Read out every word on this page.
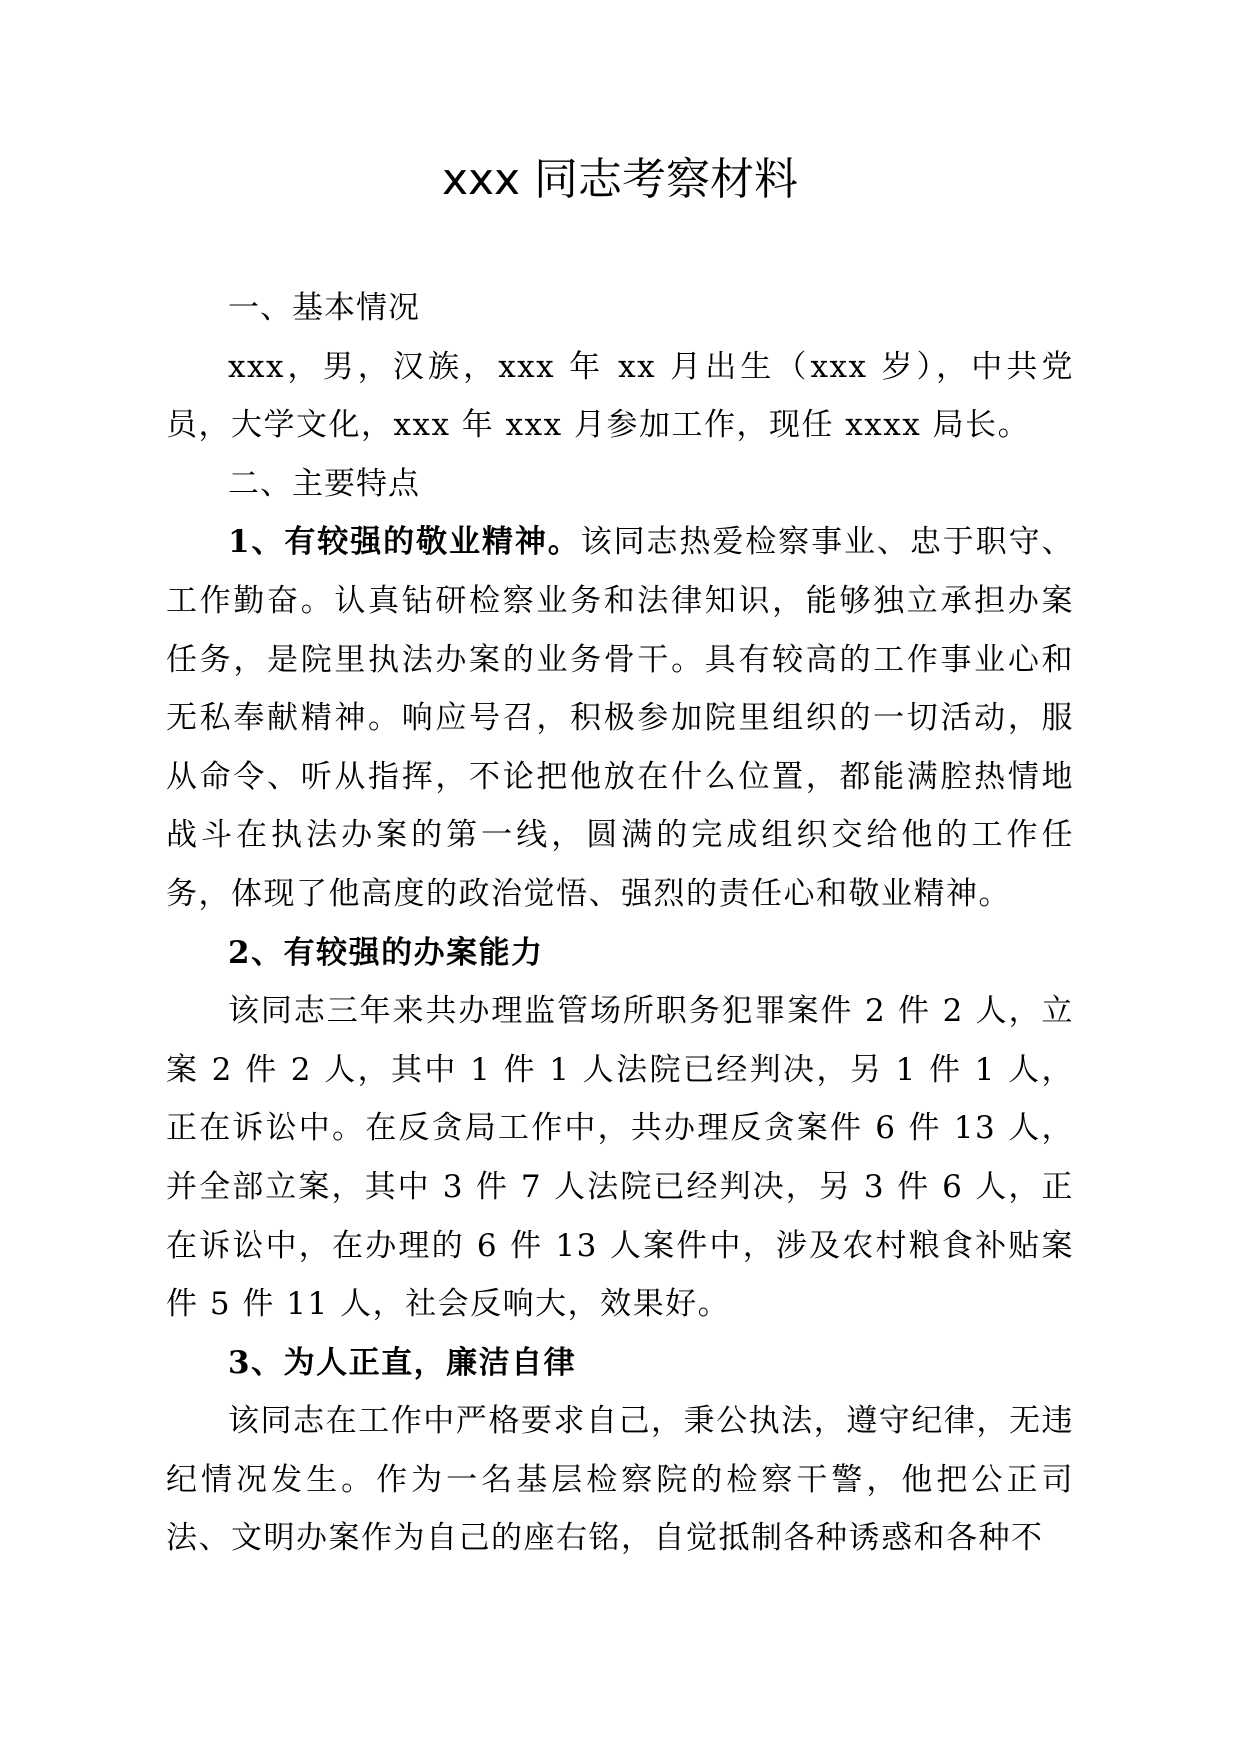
xxx 同志考察材料

一、基本情况

xxx，男，汉族，xxx 年 xx 月出生（xxx 岁），中共党员，大学文化，xxx 年 xxx 月参加工作，现任 xxxx 局长。

二、主要特点

1、有较强的敬业精神。该同志热爱检察事业、忠于职守、工作勤奋。认真钻研检察业务和法律知识，能够独立承担办案任务，是院里执法办案的业务骨干。具有较高的工作事业心和无私奉献精神。响应号召，积极参加院里组织的一切活动，服从命令、听从指挥，不论把他放在什么位置，都能满腔热情地战斗在执法办案的第一线，圆满的完成组织交给他的工作任务，体现了他高度的政治觉悟、强烈的责任心和敬业精神。

2、有较强的办案能力

该同志三年来共办理监管场所职务犯罪案件 2 件 2 人，立案 2 件 2 人，其中 1 件 1 人法院已经判决，另 1 件 1 人，正在诉讼中。在反贪局工作中，共办理反贪案件 6 件 13 人，并全部立案，其中 3 件 7 人法院已经判决，另 3 件 6 人，正在诉讼中，在办理的 6 件 13 人案件中，涉及农村粮食补贴案件 5 件 11 人，社会反响大，效果好。

3、为人正直，廉洁自律

该同志在工作中严格要求自己，秉公执法，遵守纪律，无违纪情况发生。作为一名基层检察院的检察干警，他把公正司法、文明办案作为自己的座右铭，自觉抵制各种诱惑和各种不
